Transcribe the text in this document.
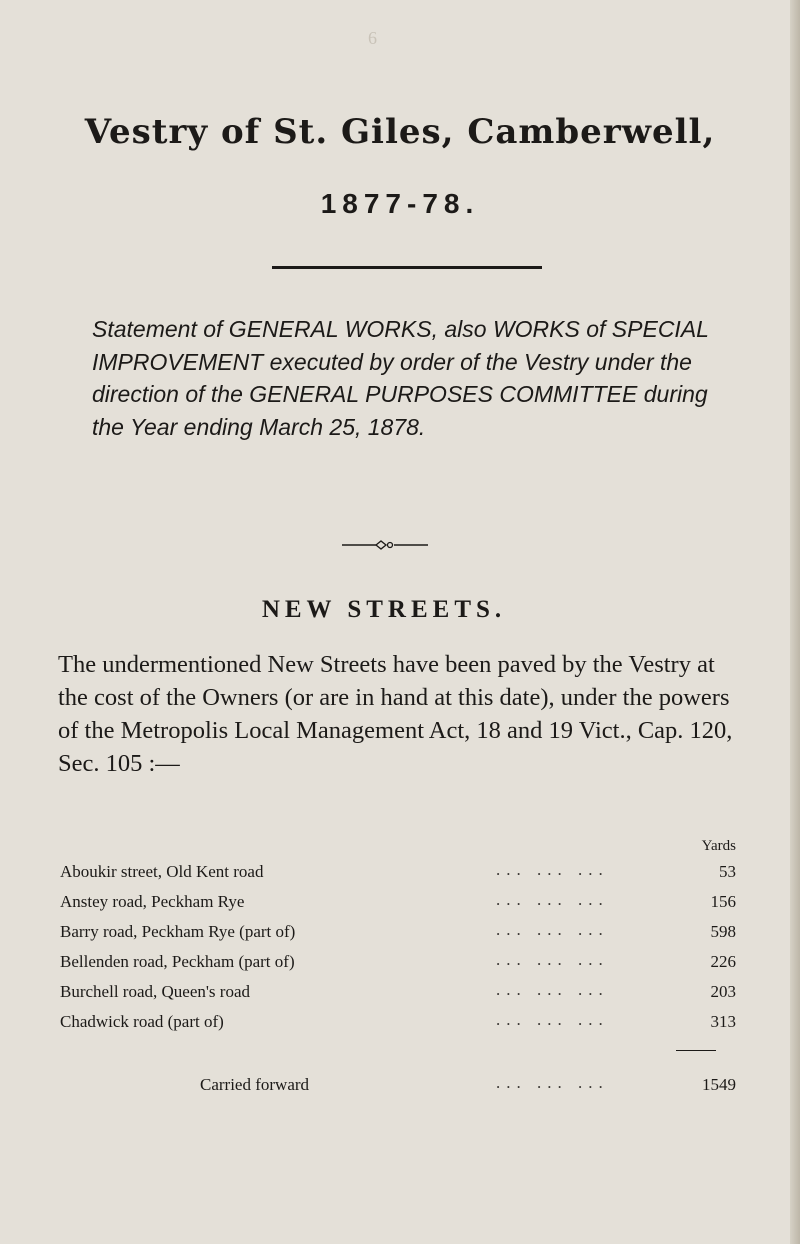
6
Vestry of St. Giles, Camberwell,
1877-78.
Statement of GENERAL WORKS, also WORKS of SPECIAL IMPROVEMENT executed by order of the Vestry under the direction of the GENERAL PURPOSES COMMITTEE during the Year ending March 25, 1878.
NEW STREETS.
The undermentioned New Streets have been paved by the Vestry at the cost of the Owners (or are in hand at this date), under the powers of the Metropolis Local Management Act, 18 and 19 Vict., Cap. 120, Sec. 105 :—
Yards
Aboukir street, Old Kent road	... ... ...	53
Anstey road, Peckham Rye	... ... ...	156
Barry road, Peckham Rye (part of)	... ... ...	598
Bellenden road, Peckham (part of)	... ... ...	226
Burchell road, Queen's road	... ... ...	203
Chadwick road (part of)	... ... ...	313
Carried forward	... ... ...	1549
